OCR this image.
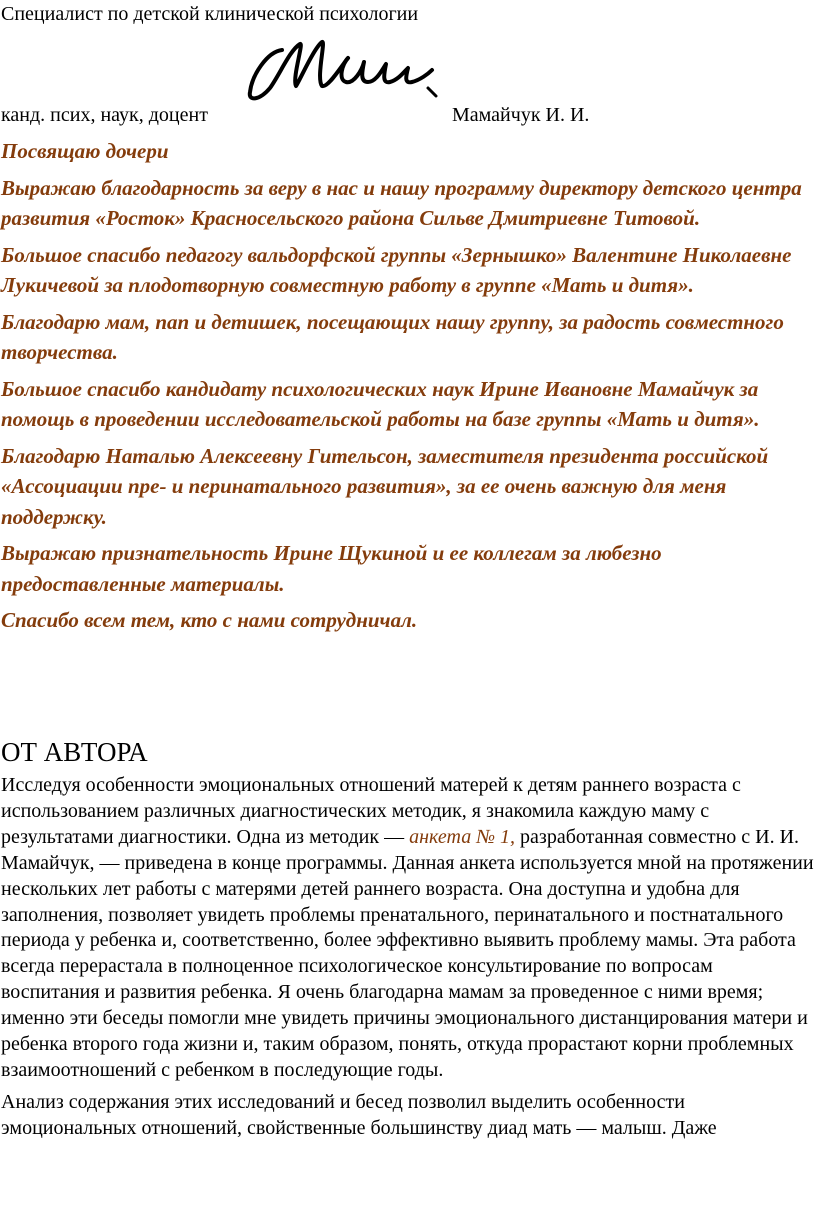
Специалист по детской клинической психологии
канд. псих, наук, доцент	Мамайчук И. И.

Посвящаю дочери

Выражаю благодарность за веру в нас и нашу программу директору детского центра развития «Росток» Красносельского района Сильве Дмитриевне Титовой.

Большое спасибо педагогу вальдорфской группы «Зернышко» Валентине Николаевне Лукичевой за плодотворную совместную работу в группе «Мать и дитя».

Благодарю мам, пап и детишек, посещающих нашу группу, за радость совместного творчества.

Большое спасибо кандидату психологических наук Ирине Ивановне Мамайчук за помощь в проведении исследовательской работы на базе группы «Мать и дитя».

Благодарю Наталью Алексеевну Гительсон, заместителя президента российской «Ассоциации пре- и перинатального развития», за ее очень важную для меня поддержку.

Выражаю признательность Ирине Щукиной и ее коллегам за любезно предоставленные материалы.

Спасибо всем тем, кто с нами сотрудничал.

ОТ АВТОРА

Исследуя особенности эмоциональных отношений матерей к детям раннего возраста с использованием различных диагностических методик, я знакомила каждую маму с результатами диагностики. Одна из методик — анкета № 1, разработанная совместно с И. И. Мамайчук, — приведена в конце программы. Данная анкета используется мной на протяжении нескольких лет работы с матерями детей раннего возраста. Она доступна и удобна для заполнения, позволяет увидеть проблемы пренатального, перинатального и постнатального периода у ребенка и, соответственно, более эффективно выявить проблему мамы. Эта работа всегда перерастала в полноценное психологическое консультирование по вопросам воспитания и развития ребенка. Я очень благодарна мамам за проведенное с ними время; именно эти беседы помогли мне увидеть причины эмоционального дистанцирования матери и ребенка второго года жизни и, таким образом, понять, откуда прорастают корни проблемных взаимоотношений с ребенком в последующие годы.

Анализ содержания этих исследований и бесед позволил выделить особенности эмоциональных отношений, свойственные большинству диад мать — малыш. Даже
